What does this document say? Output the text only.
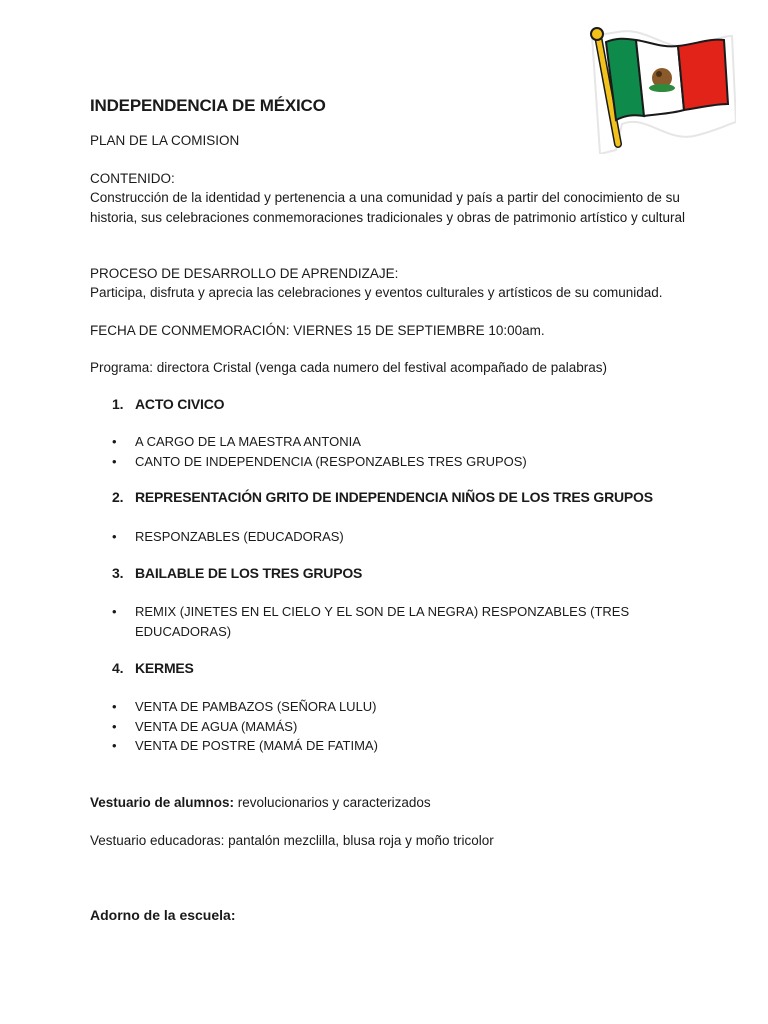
INDEPENDENCIA DE MÉXICO

PLAN DE LA COMISION

CONTENIDO:

Construcción de la identidad y pertenencia a una comunidad y país a partir del conocimiento de su historia, sus celebraciones conmemoraciones tradicionales y obras de patrimonio artístico y cultural

PROCESO DE DESARROLLO DE APRENDIZAJE:

Participa, disfruta y aprecia las celebraciones y eventos culturales y artísticos de su comunidad.

FECHA DE CONMEMORACIÓN: VIERNES 15 DE SEPTIEMBRE 10:00am.

Programa: directora Cristal (venga cada numero del festival acompañado de palabras)

1. ACTO CIVICO

• A CARGO DE LA MAESTRA ANTONIA
• CANTO DE INDEPENDENCIA (RESPONZABLES TRES GRUPOS)

2. REPRESENTACIÓN GRITO DE INDEPENDENCIA NIÑOS DE LOS TRES GRUPOS

• RESPONZABLES (EDUCADORAS)

3. BAILABLE DE LOS TRES GRUPOS

• REMIX (JINETES EN EL CIELO Y EL SON DE LA NEGRA) RESPONZABLES (TRES EDUCADORAS)

4. KERMES

• VENTA DE PAMBAZOS (SEÑORA LULU)
• VENTA DE AGUA (MAMÁS)
• VENTA DE POSTRE (MAMÁ DE FATIMA)

Vestuario de alumnos: revolucionarios y caracterizados

Vestuario educadoras: pantalón mezclilla, blusa roja y moño tricolor

Adorno de la escuela:
